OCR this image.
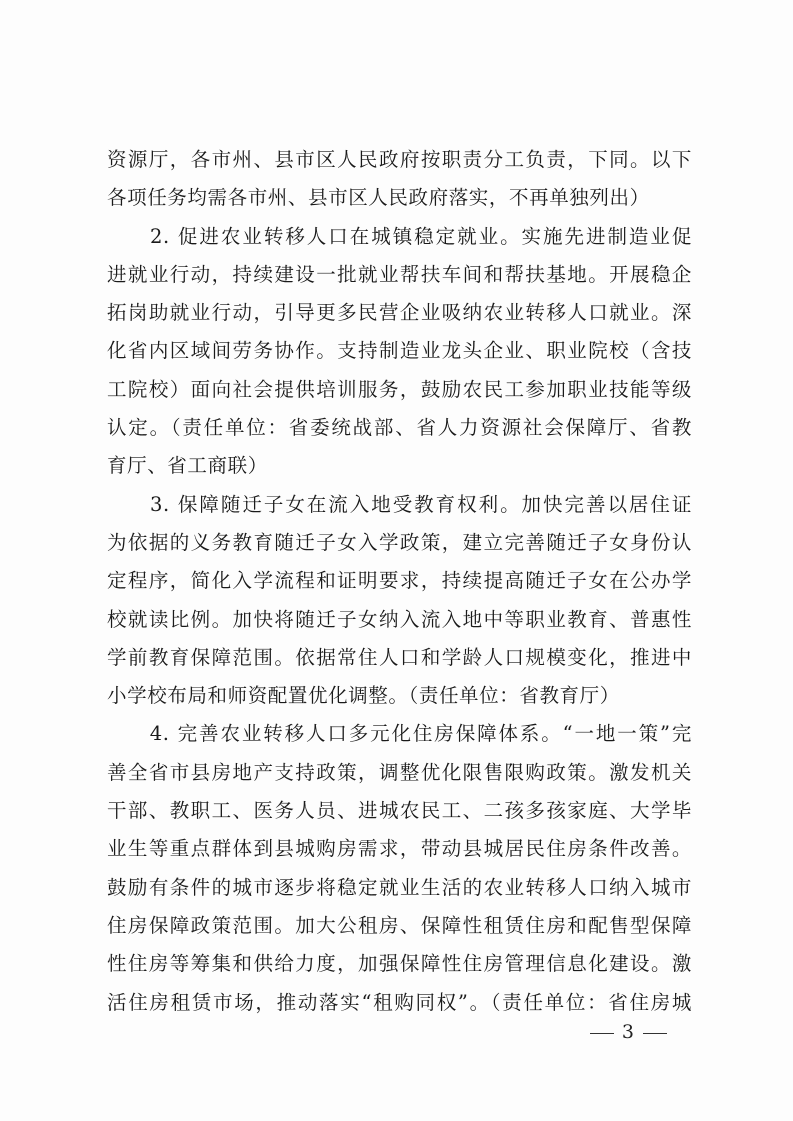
资源厅，各市州、县市区人民政府按职责分工负责，下同。以下
各项任务均需各市州、县市区人民政府落实，不再单独列出）
　　2. 促进农业转移人口在城镇稳定就业。实施先进制造业促
进就业行动，持续建设一批就业帮扶车间和帮扶基地。开展稳企
拓岗助就业行动，引导更多民营企业吸纳农业转移人口就业。深
化省内区域间劳务协作。支持制造业龙头企业、职业院校（含技
工院校）面向社会提供培训服务，鼓励农民工参加职业技能等级
认定。（责任单位：省委统战部、省人力资源社会保障厅、省教
育厅、省工商联）
　　3. 保障随迁子女在流入地受教育权利。加快完善以居住证
为依据的义务教育随迁子女入学政策，建立完善随迁子女身份认
定程序，简化入学流程和证明要求，持续提高随迁子女在公办学
校就读比例。加快将随迁子女纳入流入地中等职业教育、普惠性
学前教育保障范围。依据常住人口和学龄人口规模变化，推进中
小学校布局和师资配置优化调整。（责任单位：省教育厅）
　　4. 完善农业转移人口多元化住房保障体系。“一地一策”完
善全省市县房地产支持政策，调整优化限售限购政策。激发机关
干部、教职工、医务人员、进城农民工、二孩多孩家庭、大学毕
业生等重点群体到县城购房需求，带动县城居民住房条件改善。
鼓励有条件的城市逐步将稳定就业生活的农业转移人口纳入城市
住房保障政策范围。加大公租房、保障性租赁住房和配售型保障
性住房等筹集和供给力度，加强保障性住房管理信息化建设。激
活住房租赁市场，推动落实“租购同权”。（责任单位：省住房城
3
